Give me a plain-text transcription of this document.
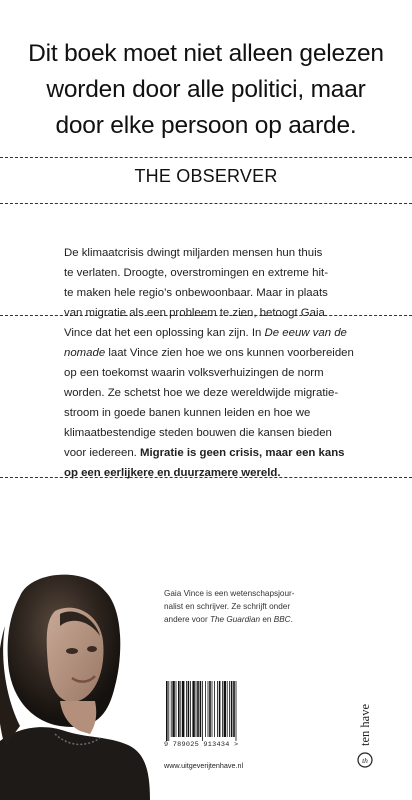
Dit boek moet niet alleen gelezen
worden door alle politici, maar
door elke persoon op aarde.
THE OBSERVER
De klimaatcrisis dwingt miljarden mensen hun thuis
te verlaten. Droogte, overstromingen en extreme hit-
te maken hele regio’s onbewoonbaar. Maar in plaats
van migratie als een probleem te zien, betoogt Gaia
Vince dat het een oplossing kan zijn. In De eeuw van de
nomade laat Vince zien hoe we ons kunnen voorbereiden
op een toekomst waarin volksverhuizingen de norm
worden. Ze schetst hoe we deze wereldwijde migratie-
stroom in goede banen kunnen leiden en hoe we
klimaatbestendige steden bouwen die kansen bieden
voor iedereen. Migratie is geen crisis, maar een kans
op een eerlijkere en duurzamere wereld.
Gaia Vince is een wetenschapsjour-
nalist en schrijver. Ze schrijft onder
andere voor The Guardian en BBC.
9 789025 913434 >
www.uitgeverijtenhave.nl
th
ten have
